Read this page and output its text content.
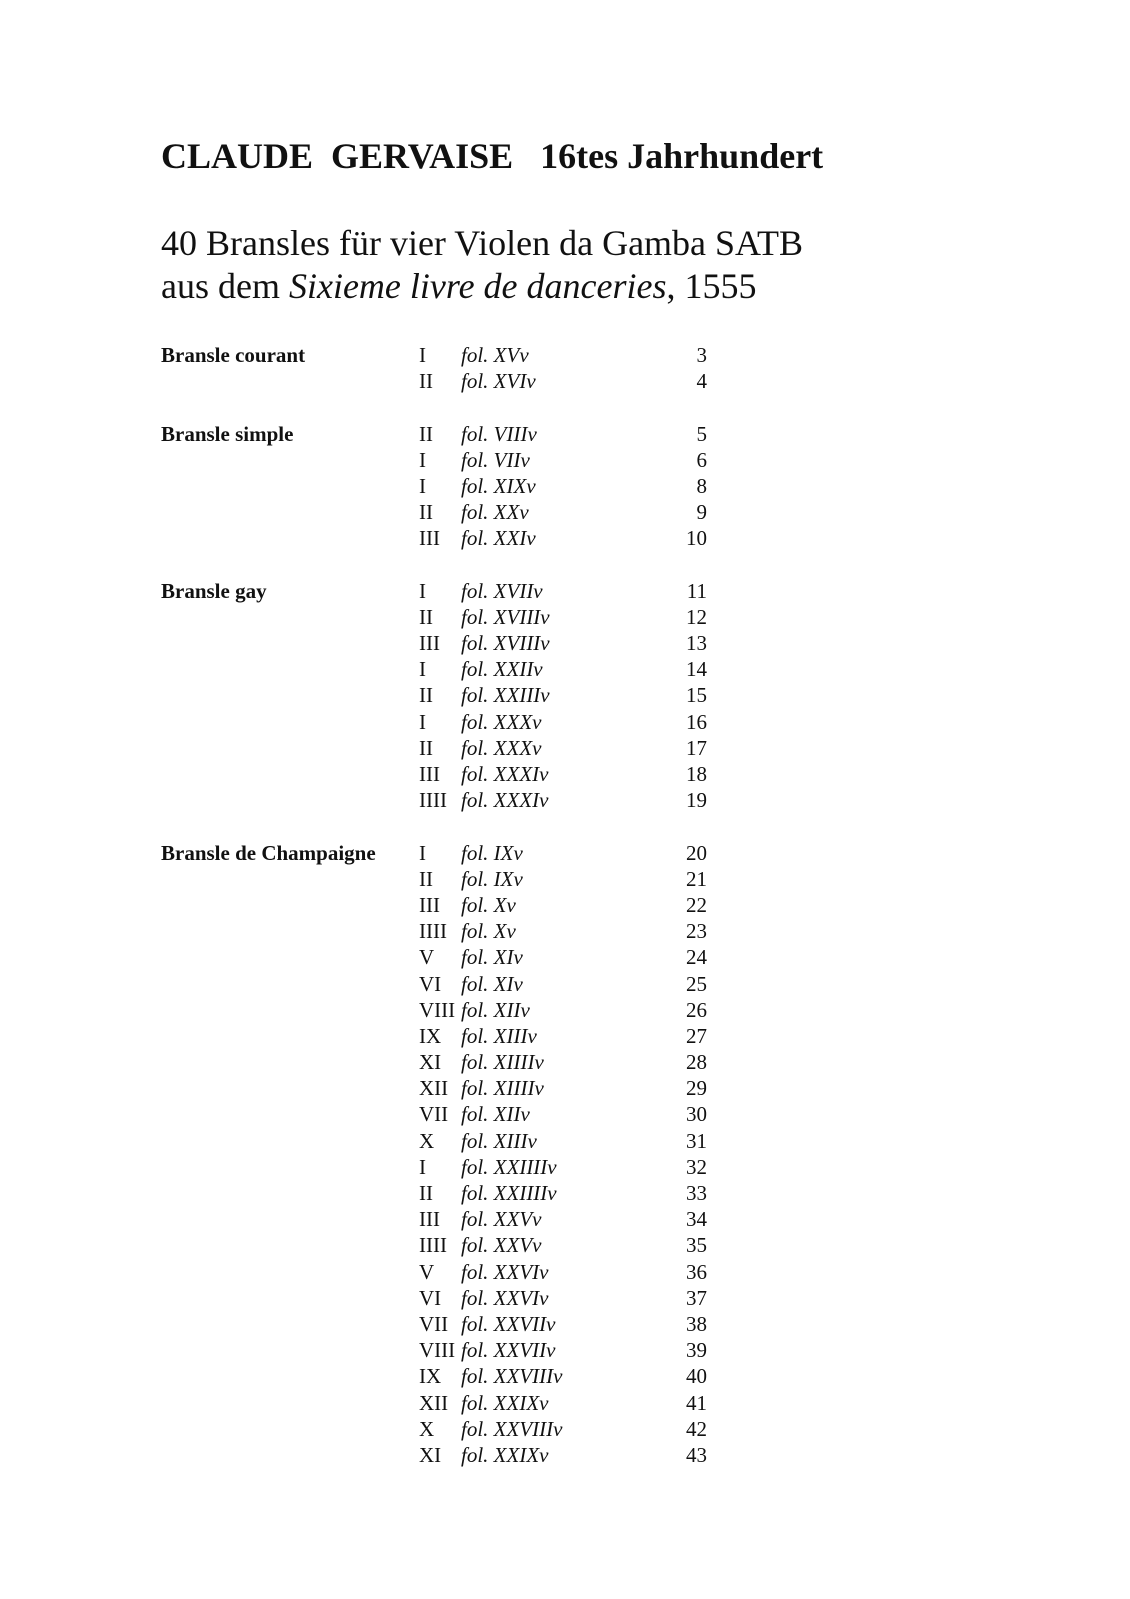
CLAUDE  GERVAISE   16tes Jahrhundert
40 Bransles für vier Violen da Gamba SATB
aus dem Sixieme livre de danceries, 1555
Bransle courant	I fol. XVv	3
II fol. XVIv	4
Bransle simple	II fol. VIIIv	5
I fol. VIIv	6
I fol. XIXv	8
II fol. XXv	9
III fol. XXIv	10
Bransle gay	I fol. XVIIv	11
II fol. XVIIIv	12
III fol. XVIIIv	13
I fol. XXIIv	14
II fol. XXIIIv	15
I fol. XXXv	16
II fol. XXXv	17
III fol. XXXIv	18
IIII fol. XXXIv	19
Bransle de Champaigne I fol. IXv	20
II fol. IXv	21
III fol. Xv	22
IIII fol. Xv	23
V fol. XIv	24
VI fol. XIv	25
VIII fol. XIIv	26
IX fol. XIIIv	27
XI fol. XIIIIv	28
XII fol. XIIIIv	29
VII fol. XIIv	30
X fol. XIIIv	31
I fol. XXIIIIv	32
II fol. XXIIIIv	33
III fol. XXVv	34
IIII fol. XXVv	35
V fol. XXVIv	36
VI fol. XXVIv	37
VII fol. XXVIIv	38
VIII fol. XXVIIv	39
IX fol. XXVIIIv	40
XII fol. XXIXv	41
X fol. XXVIIIv	42
XI fol. XXIXv	43
